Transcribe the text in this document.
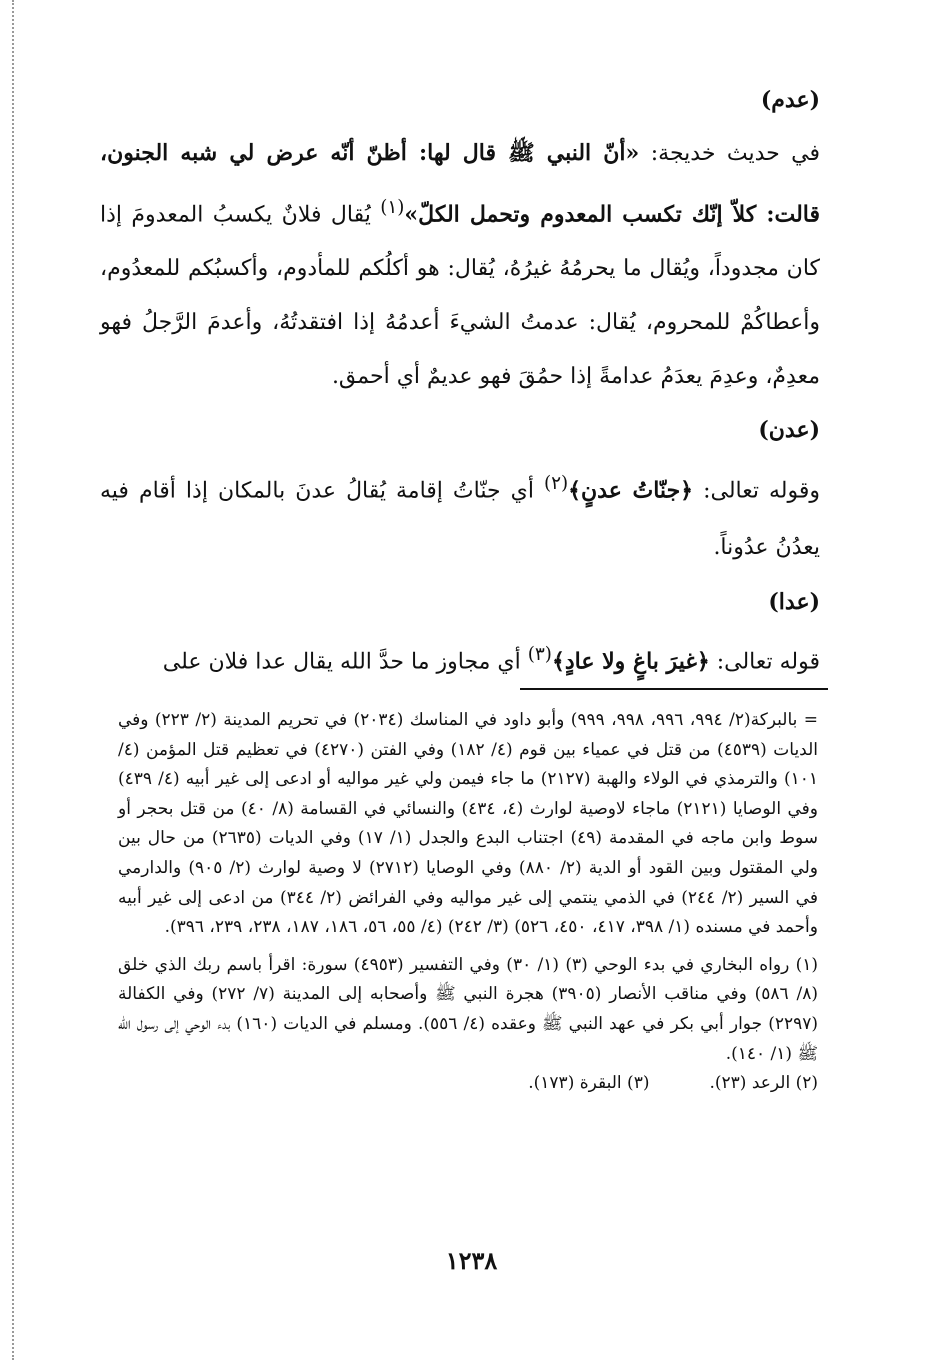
(عدم)

في حديث خديجة: «أنّ النبي ﷺ قال لها: أظنّ أنّه عرض لي شبه الجنون، قالت: كلاّ إنّك تكسب المعدوم وتحمل الكلّ»$^{(١)}$ يُقال فلانٌ يكسبُ المعدومَ إذا كان مجدوداً، ويُقال ما يحرمُهُ غيرُهُ، يُقال: هو أكلُكم للمأدوم، وأكسبُكم للمعدُوم، وأعطاكُمْ للمحروم، يُقال: عدمتُ الشيءَ أعدمُهُ إذا افتقدتُهُ، وأعدمَ الرَّجلُ فهو معدِمٌ، وعدِمَ يعدَمُ عدامةً إذا حمُقَ فهو عديمٌ أي أحمق.

(عدن)

وقوله تعالى: ﴿جنّاتُ عدنٍ﴾$^{(٢)}$ أي جنّاتُ إقامة يُقالُ عدنَ بالمكان إذا أقام فيه يعدُنُ عدُوناً.

(عدا)

قوله تعالى: ﴿غيرَ باغٍ ولا عادٍ﴾$^{(٣)}$ أي مجاوز ما حدَّ الله يقال عدا فلان على

= بالبركة(٢/ ٩٩٤، ٩٩٦، ٩٩٨، ٩٩٩) وأبو داود في المناسك (٢٠٣٤) في تحريم المدينة (٢/ ٢٢٣) وفي الديات (٤٥٣٩) من قتل في عمياء بين قوم (٤/ ١٨٢) وفي الفتن (٤٢٧٠) في تعظيم قتل المؤمن (٤/ ١٠١) والترمذي في الولاء والهبة (٢١٢٧) ما جاء فيمن ولي غير مواليه أو ادعى إلى غير أبيه (٤/ ٤٣٩) وفي الوصايا (٢١٢١) ماجاء لاوصية لوارث (٤، ٤٣٤) والنسائي في القسامة (٨/ ٤٠) من قتل بحجر أو سوط وابن ماجه في المقدمة (٤٩) اجتناب البدع والجدل (١/ ١٧) وفي الديات (٢٦٣٥) من حال بين ولي المقتول وبين القود أو الدية (٢/ ٨٨٠) وفي الوصايا (٢٧١٢) لا وصية لوارث (٢/ ٩٠٥) والدارمي في السير (٢/ ٢٤٤) في الذمي ينتمي إلى غير مواليه وفي الفرائض (٢/ ٣٤٤) من ادعى إلى غير أبيه وأحمد في مسنده (١/ ٣٩٨، ٤١٧، ٤٥٠، ٥٢٦) (٣/ ٢٤٢) (٤/ ٥٥، ٥٦، ١٨٦، ١٨٧، ٢٣٨، ٢٣٩، ٣٩٦).

(١) رواه البخاري في بدء الوحي (٣) (١/ ٣٠) وفي التفسير (٤٩٥٣) سورة: اقرأ باسم ربك الذي خلق (٨/ ٥٨٦) وفي مناقب الأنصار (٣٩٠٥) هجرة النبي ﷺ وأصحابه إلى المدينة (٧/ ٢٧٢) وفي الكفالة (٢٢٩٧) جوار أبي بكر في عهد النبي ﷺ وعقده (٤/ ٥٥٦). ومسلم في الديات (١٦٠) بدء الوحي إلى رسول الله ﷺ (١/ ١٤٠).

(٢) الرعد (٢٣).
(٣) البقرة (١٧٣).
١٢٣٨
